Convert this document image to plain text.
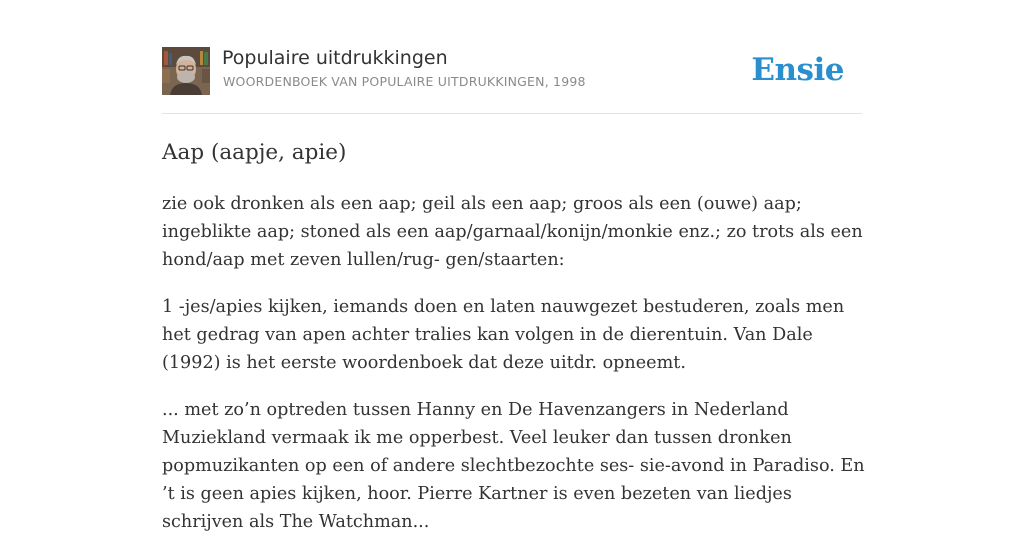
Populaire uitdrukkingen
WOORDENBOEK VAN POPULAIRE UITDRUKKINGEN, 1998	Ensie
Aap (aapje, apie)

zie ook dronken als een aap; geil als een aap; groos als een (ouwe) aap; ingeblikte aap; stoned als een aap/garnaal/konijn/monkie enz.; zo trots als een hond/aap met zeven lullen/rug- gen/staarten:

1 -jes/apies kijken, iemands doen en laten nauwgezet bestuderen, zoals men het gedrag van apen achter tralies kan volgen in de dierentuin. Van Dale (1992) is het eerste woordenboek dat deze uitdr. opneemt.

... met zo’n optreden tussen Hanny en De Havenzangers in Nederland Muziekland vermaak ik me opperbest. Veel leuker dan tussen dronken popmuzikanten op een of andere slechtbezochte ses- sie-avond in Paradiso. En ’t is geen apies kijken, hoor. Pierre Kartner is even bezeten van liedjes schrijven als The Watchman...
